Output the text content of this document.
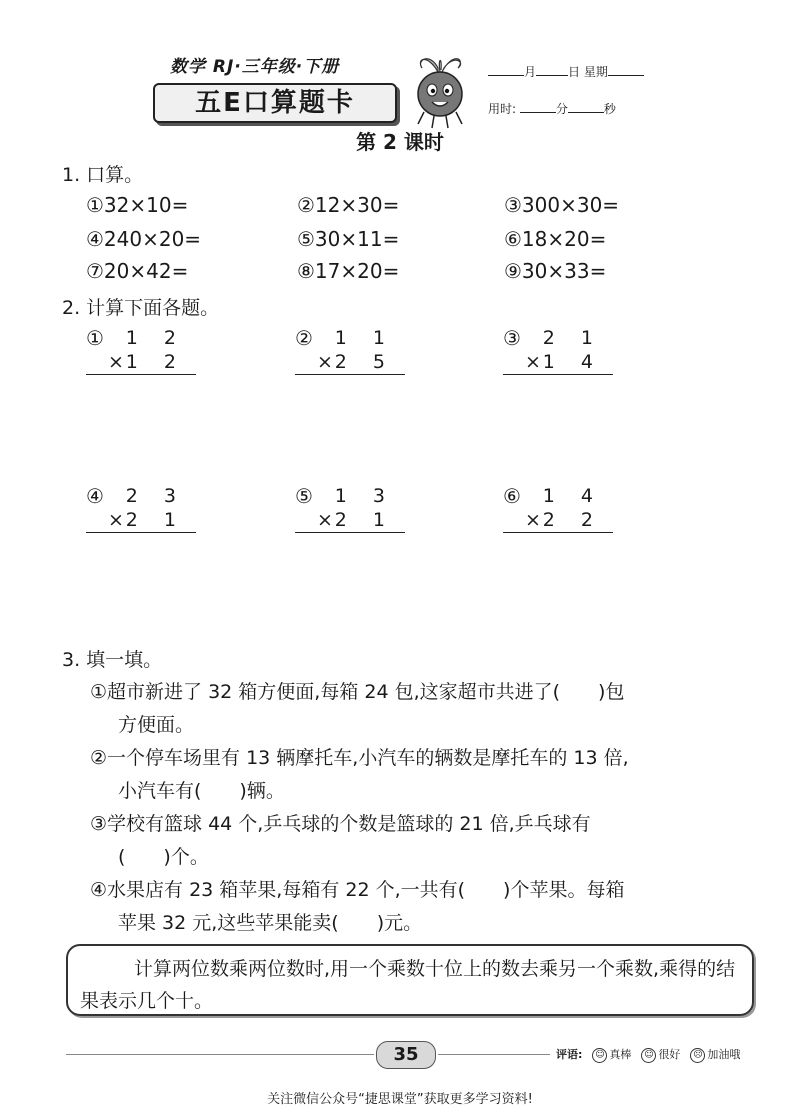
数学 RJ·三年级·下册
五E口算题卡
月	日 星期
用时:	分	秒
第 2 课时
1. 口算。
①32×10=	②12×30=	③300×30=
④240×20=	⑤30×11=	⑥18×20=
⑦20×42=	⑧17×20=	⑨30×33=
2. 计算下面各题。
① 1 2
× 1 2
② 1 1
× 2 5
③ 2 1
× 1 4
④ 2 3
× 2 1
⑤ 1 3
× 2 1
⑥ 1 4
× 2 2
3. 填一填。
①超市新进了 32 箱方便面,每箱 24 包,这家超市共进了(　　)包
方便面。
②一个停车场里有 13 辆摩托车,小汽车的辆数是摩托车的 13 倍,
小汽车有(　　)辆。
③学校有篮球 44 个,乒乓球的个数是篮球的 21 倍,乒乓球有
(　　)个。
④水果店有 23 箱苹果,每箱有 22 个,一共有(　　)个苹果。每箱
苹果 32 元,这些苹果能卖(　　)元。
计算两位数乘两位数时,用一个乘数十位上的数去乘另一个乘数,乘得的结果表示几个十。
35	评语: ☺ 真棒 ☺ 很好 ☹ 加油哦
关注微信公众号“捷思课堂”获取更多学习资料!
